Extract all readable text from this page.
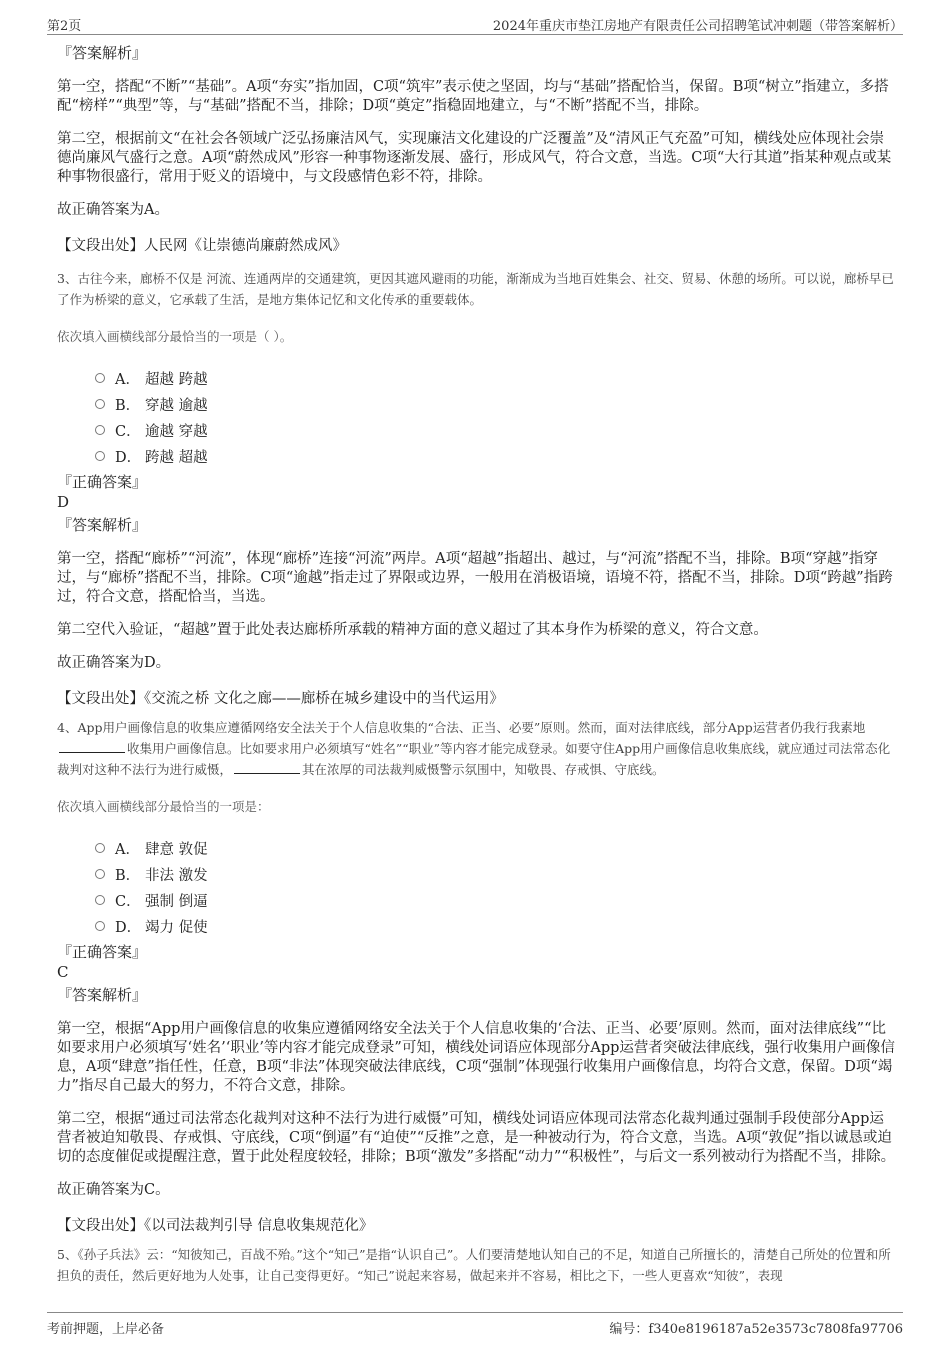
第2页	2024年重庆市垫江房地产有限责任公司招聘笔试冲刺题（带答案解析）
『答案解析』
第一空，搭配“不断”“基础”。A项“夯实”指加固，C项“筑牢”表示使之坚固，均与“基础”搭配恰当，保留。B项“树立”指建立，多搭配“榜样”“典型”等，与“基础”搭配不当，排除；D项“奠定”指稳固地建立，与“不断”搭配不当，排除。
第二空，根据前文“在社会各领域广泛弘扬廉洁风气，实现廉洁文化建设的广泛覆盖”及“清风正气充盈”可知，横线处应体现社会崇德尚廉风气盛行之意。A项“蔚然成风”形容一种事物逐渐发展、盛行，形成风气，符合文意，当选。C项“大行其道”指某种观点或某种事物很盛行，常用于贬义的语境中，与文段感情色彩不符，排除。
故正确答案为A。
【文段出处】人民网《让崇德尚廉蔚然成风》
3、古往今来，廊桥不仅是 河流、连通两岸的交通建筑，更因其遮风避雨的功能，渐渐成为当地百姓集会、社交、贸易、休憩的场所。可以说，廊桥早已 了作为桥梁的意义，它承载了生活，是地方集体记忆和文化传承的重要载体。
依次填入画横线部分最恰当的一项是（ ）。
A． 超越 跨越
B． 穿越 逾越
C． 逾越 穿越
D． 跨越 超越
『正确答案』
D
『答案解析』
第一空，搭配“廊桥”“河流”，体现“廊桥”连接“河流”两岸。A项“超越”指超出、越过，与“河流”搭配不当，排除。B项“穿越”指穿过，与“廊桥”搭配不当，排除。C项“逾越”指走过了界限或边界，一般用在消极语境，语境不符，搭配不当，排除。D项“跨越”指跨过，符合文意，搭配恰当，当选。
第二空代入验证，“超越”置于此处表达廊桥所承载的精神方面的意义超过了其本身作为桥梁的意义，符合文意。
故正确答案为D。
【文段出处】《交流之桥 文化之廊——廊桥在城乡建设中的当代运用》
4、App用户画像信息的收集应遵循网络安全法关于个人信息收集的“合法、正当、必要”原则。然而，面对法律底线，部分App运营者仍我行我素地收集用户画像信息。比如要求用户必须填写“姓名”“职业”等内容才能完成登录。如要守住App用户画像信息收集底线，就应通过司法常态化裁判对这种不法行为进行威慑，	其在浓厚的司法裁判威慑警示氛围中，知敬畏、存戒惧、守底线。
依次填入画横线部分最恰当的一项是：
A． 肆意 敦促
B． 非法 激发
C． 强制 倒逼
D． 竭力 促使
『正确答案』
C
『答案解析』
第一空，根据“App用户画像信息的收集应遵循网络安全法关于个人信息收集的‘合法、正当、必要’原则。然而，面对法律底线”“比如要求用户必须填写‘姓名’‘职业’等内容才能完成登录”可知，横线处词语应体现部分App运营者突破法律底线，强行收集用户画像信息，A项“肆意”指任性，任意，B项“非法”体现突破法律底线，C项“强制”体现强行收集用户画像信息，均符合文意，保留。D项“竭力”指尽自己最大的努力，不符合文意，排除。
第二空，根据“通过司法常态化裁判对这种不法行为进行威慑”可知，横线处词语应体现司法常态化裁判通过强制手段使部分App运营者被迫知敬畏、存戒惧、守底线，C项“倒逼”有“迫使”“反推”之意，是一种被动行为，符合文意，当选。A项“敦促”指以诚恳或迫切的态度催促或提醒注意，置于此处程度较轻，排除；B项“激发”多搭配“动力”“积极性”，与后文一系列被动行为搭配不当，排除。
故正确答案为C。
【文段出处】《以司法裁判引导 信息收集规范化》
5、《孙子兵法》云：“知彼知己，百战不殆。”这个“知己”是指“认识自己”。人们要清楚地认知自己的不足，知道自己所擅长的，清楚自己所处的位置和所担负的责任，然后更好地为人处事，让自己变得更好。“知己”说起来容易，做起来并不容易，相比之下，一些人更喜欢“知彼”，表现
考前押题，上岸必备	编号：f340e8196187a52e3573c7808fa97706
